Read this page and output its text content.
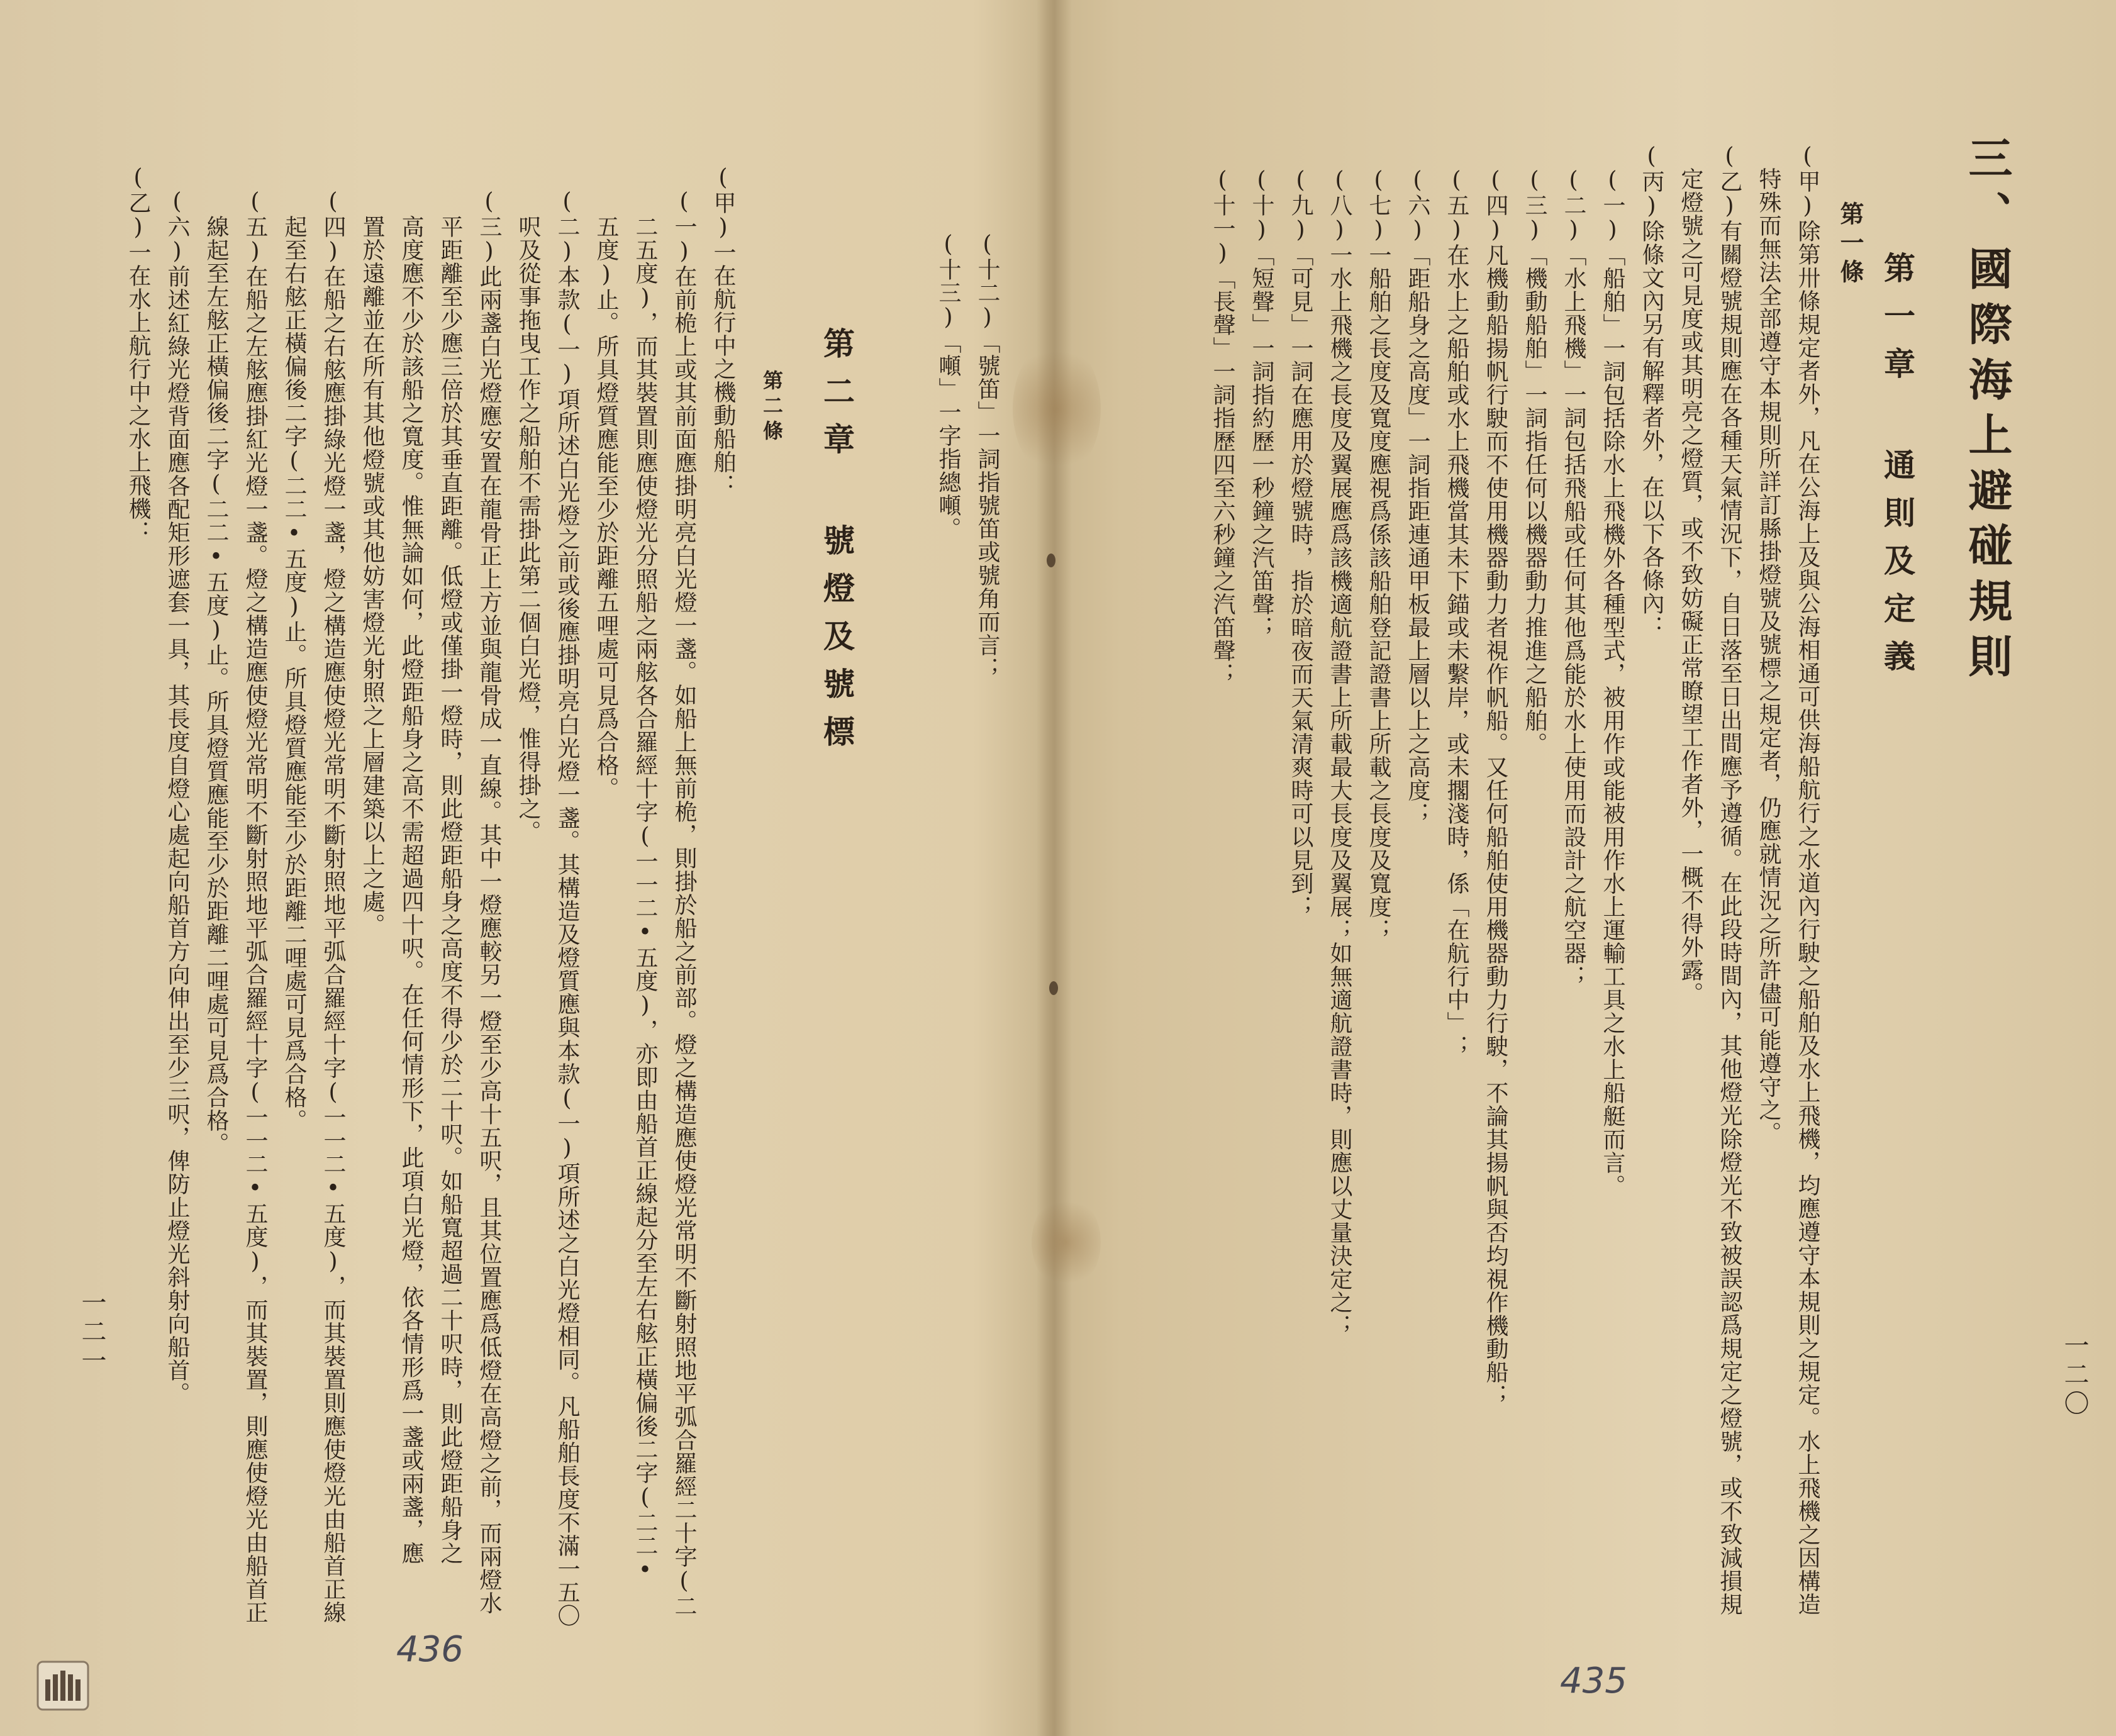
三、國際海上避碰規則
第一章 通則及定義
第一條
(甲)除第卅條規定者外，凡在公海上及與公海相通可供海船航行之水道內行駛之船舶及水上飛機，均應遵守本規則之規定。水上飛機之因構造
特殊而無法全部遵守本規則所詳訂縣掛燈號及號標之規定者，仍應就情況之所許儘可能遵守之。
(乙)有關燈號規則應在各種天氣情況下，自日落至日出間應予遵循。在此段時間內，其他燈光除燈光不致被誤認爲規定之燈號，或不致減損規
定燈號之可見度或其明亮之燈質，或不致妨礙正常瞭望工作者外，一概不得外露。
(丙)除條文內另有解釋者外，在以下各條內：
(一)「船舶」一詞包括除水上飛機外各種型式，被用作或能被用作水上運輸工具之水上船艇而言。
(二)「水上飛機」一詞包括飛船或任何其他爲能於水上使用而設計之航空器；
(三)「機動船舶」一詞指任何以機器動力推進之船舶。
(四)凡機動船揚帆行駛而不使用機器動力者視作帆船。又任何船舶使用機器動力行駛，不論其揚帆與否均視作機動船；
(五)在水上之船舶或水上飛機當其未下錨或未繫岸，或未擱淺時，係「在航行中」；
(六)「距船身之高度」一詞指距連通甲板最上層以上之高度；
(七)一船舶之長度及寬度應視爲係該船舶登記證書上所載之長度及寬度；
(八)一水上飛機之長度及翼展應爲該機適航證書上所載最大長度及翼展；如無適航證書時，則應以丈量決定之；
(九)「可見」一詞在應用於燈號時，指於暗夜而天氣清爽時可以見到；
(十)「短聲」一詞指約歷一秒鐘之汽笛聲；
(十一)「長聲」一詞指歷四至六秒鐘之汽笛聲；
一二〇
435
(十二)「號笛」一詞指號笛或號角而言；
(十三)「噸」一字指總噸。
第二章 號燈及號標
第二條
(甲)一在航行中之機動船舶：
(一)在前桅上或其前面應掛明亮白光燈一盞。如船上無前桅，則掛於船之前部。燈之構造應使燈光常明不斷射照地平弧合羅經二十字(二
二五度)，而其裝置則應使燈光分照船之兩舷各合羅經十字(一一二•五度)，亦即由船首正線起分至左右舷正橫偏後二字(二二•
五度)止。所具燈質應能至少於距離五哩處可見爲合格。
(二)本款(一)項所述白光燈之前或後應掛明亮白光燈一盞。其構造及燈質應與本款(一)項所述之白光燈相同。凡船舶長度不滿一五〇
呎及從事拖曳工作之船舶不需掛此第二個白光燈，惟得掛之。
(三)此兩盞白光燈應安置在龍骨正上方並與龍骨成一直線。其中一燈應較另一燈至少高十五呎，且其位置應爲低燈在高燈之前，而兩燈水
平距離至少應三倍於其垂直距離。低燈或僅掛一燈時，則此燈距船身之高度不得少於二十呎。如船寬超過二十呎時，則此燈距船身之
高度應不少於該船之寬度。惟無論如何，此燈距船身之高不需超過四十呎。在任何情形下，此項白光燈，依各情形爲一盞或兩盞，應
置於遠離並在所有其他燈號或其他妨害燈光射照之上層建築以上之處。
(四)在船之右舷應掛綠光燈一盞，燈之構造應使燈光常明不斷射照地平弧合羅經十字(一一二•五度)，而其裝置則應使燈光由船首正線
起至右舷正橫偏後二字(二二•五度)止。所具燈質應能至少於距離二哩處可見爲合格。
(五)在船之左舷應掛紅光燈一盞。燈之構造應使燈光常明不斷射照地平弧合羅經十字(一一二•五度)，而其裝置，則應使燈光由船首正
線起至左舷正橫偏後二字(二二•五度)止。所具燈質應能至少於距離二哩處可見爲合格。
(六)前述紅綠光燈背面應各配矩形遮套一具，其長度自燈心處起向船首方向伸出至少三呎，俾防止燈光斜射向船首。
(乙)一在水上航行中之水上飛機：
一二一
436
